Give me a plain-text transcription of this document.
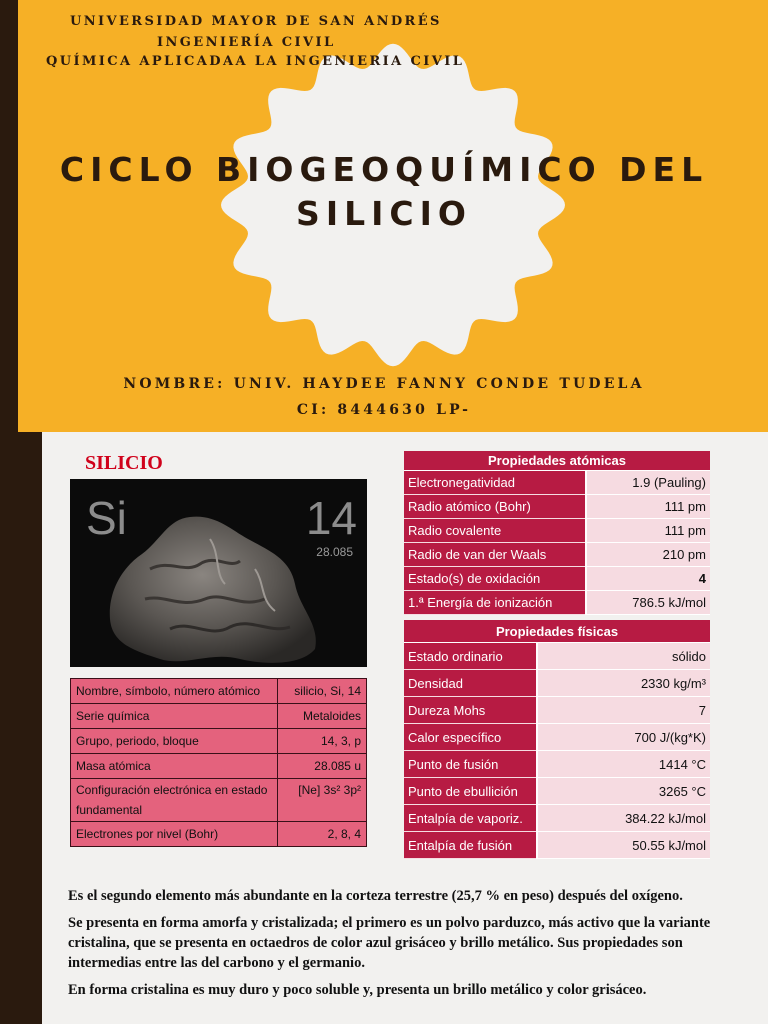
UNIVERSIDAD MAYOR DE SAN ANDRÉS
INGENIERÍA CIVIL
QUÍMICA APLICADAA LA INGENIERIA CIVIL
CICLO BIOGEOQUÍMICO DEL
SILICIO
NOMBRE: UNIV. HAYDEE FANNY CONDE TUDELA
CI: 8444630 LP-
SILICIO
Si	14
28.085
Nombre, símbolo, número atómico	silicio, Si, 14
Serie química	Metaloides
Grupo, periodo, bloque	14, 3, p
Masa atómica	28.085 u
Configuración electrónica en estado fundamental	[Ne] 3s² 3p²
Electrones por nivel (Bohr)	2, 8, 4
Propiedades atómicas	
Electronegatividad	1.9 (Pauling)
Radio atómico (Bohr)	111 pm
Radio covalente	111 pm
Radio de van der Waals	210 pm
Estado(s) de oxidación	4
1.ª Energía de ionización	786.5 kJ/mol
Propiedades físicas	
Estado ordinario	sólido
Densidad	2330 kg/m³
Dureza Mohs	7
Calor específico	700 J/(kg*K)
Punto de fusión	1414 °C
Punto de ebullición	3265 °C
Entalpía de vaporiz.	384.22 kJ/mol
Entalpía de fusión	50.55 kJ/mol

Es el segundo elemento más abundante en la corteza terrestre (25,7 % en peso) después del oxígeno.

Se presenta en forma amorfa y cristalizada; el primero es un polvo parduzco, más activo que la variante cristalina, que se presenta en octaedros de color azul grisáceo y brillo metálico. Sus propiedades son intermedias entre las del carbono y el germanio.

En forma cristalina es muy duro y poco soluble y, presenta un brillo metálico y color grisáceo.
